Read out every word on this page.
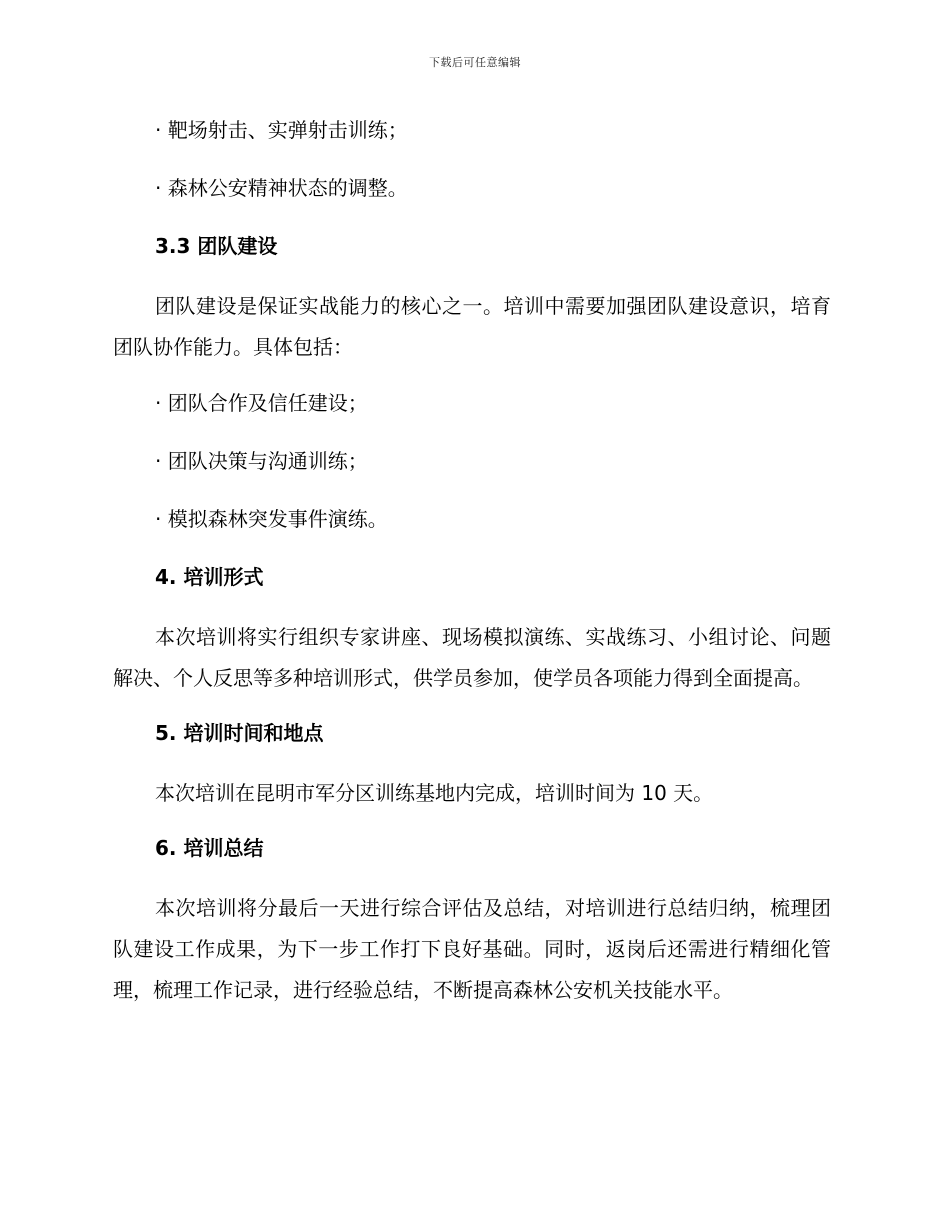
下载后可任意编辑

· 靶场射击、实弹射击训练；

· 森林公安精神状态的调整。

3.3 团队建设

团队建设是保证实战能力的核心之一。培训中需要加强团队建设意识，培育团队协作能力。具体包括：

· 团队合作及信任建设；

· 团队决策与沟通训练；

· 模拟森林突发事件演练。

4. 培训形式

本次培训将实行组织专家讲座、现场模拟演练、实战练习、小组讨论、问题解决、个人反思等多种培训形式，供学员参加，使学员各项能力得到全面提高。

5. 培训时间和地点

本次培训在昆明市军分区训练基地内完成，培训时间为 10 天。

6. 培训总结

本次培训将分最后一天进行综合评估及总结，对培训进行总结归纳，梳理团队建设工作成果，为下一步工作打下良好基础。同时，返岗后还需进行精细化管理，梳理工作记录，进行经验总结，不断提高森林公安机关技能水平。
